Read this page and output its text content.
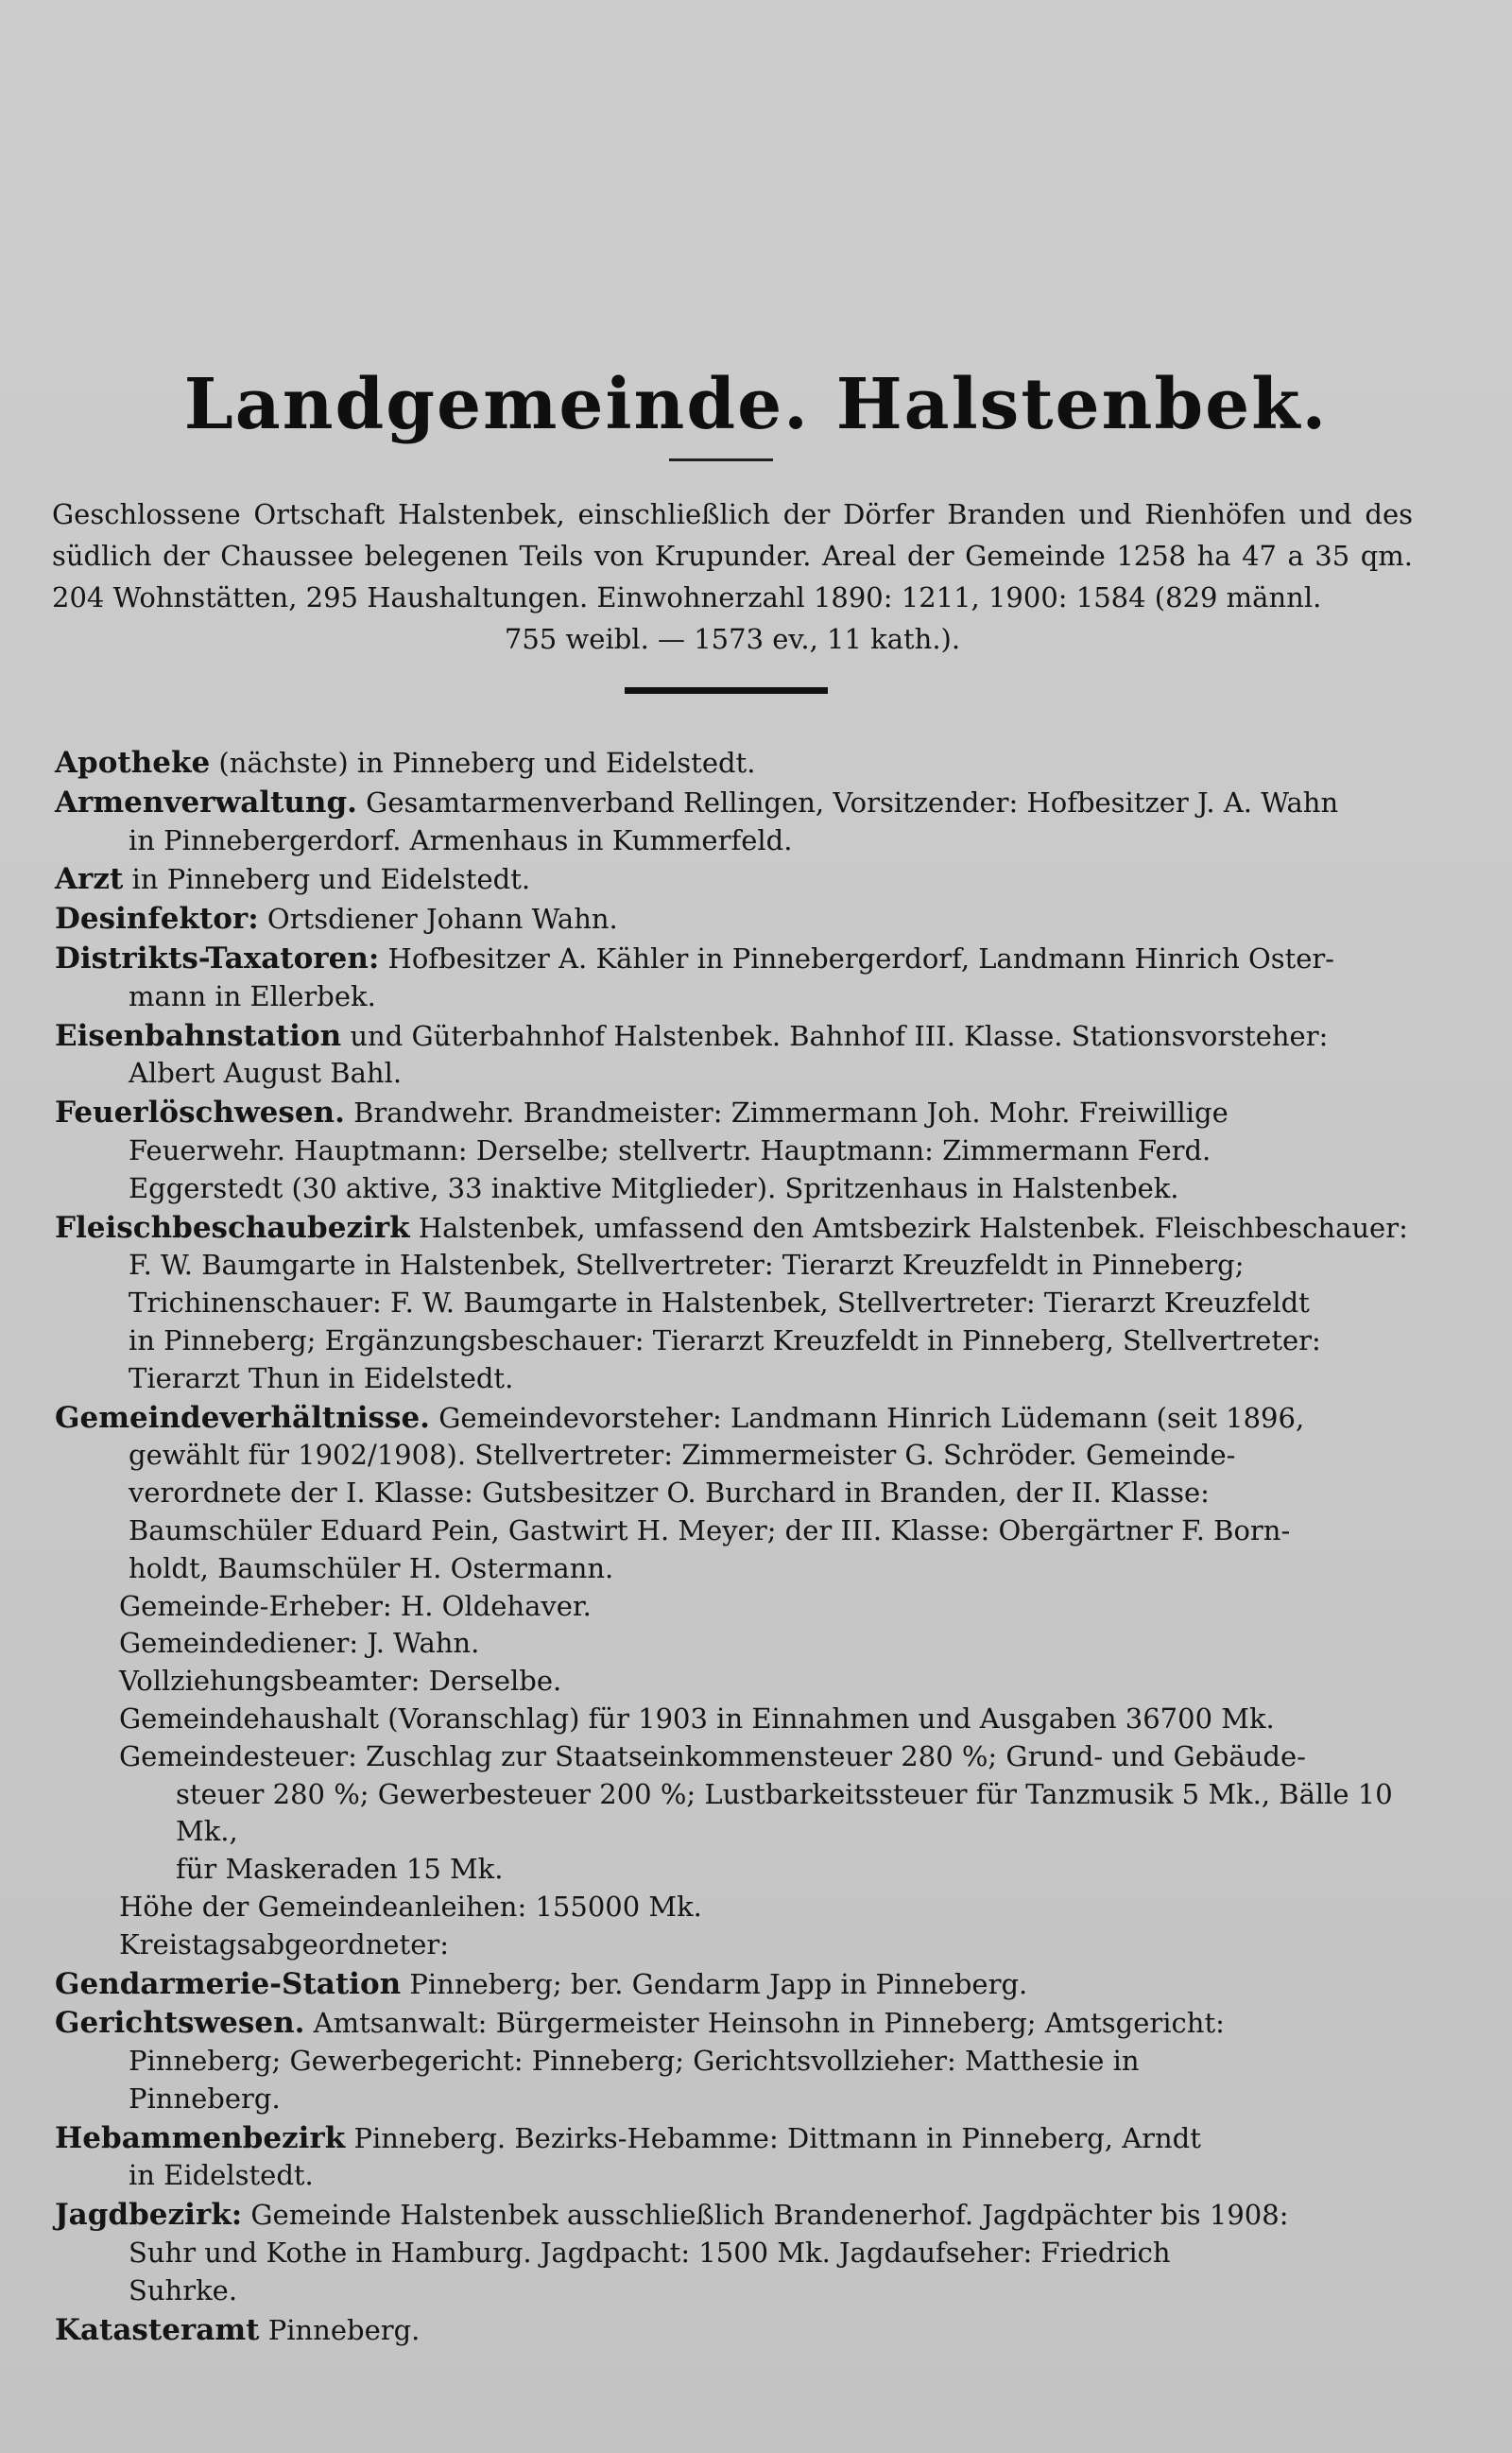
Landgemeinde. Halstenbek.
Geschlossene Ortschaft Halstenbek, einschließlich der Dörfer Branden und Rienhöfen und des südlich der Chaussee belegenen Teils von Krupunder. Areal der Gemeinde 1258 ha 47 a 35 qm. 204 Wohnstätten, 295 Haushaltungen. Einwohnerzahl 1890: 1211, 1900: 1584 (829 männl.
755 weibl. — 1573 ev., 11 kath.).
Apotheke (nächste) in Pinneberg und Eidelstedt.
Armenverwaltung. Gesamtarmenverband Rellingen, Vorsitzender: Hofbesitzer J. A. Wahn
in Pinnebergerdorf. Armenhaus in Kummerfeld.
Arzt in Pinneberg und Eidelstedt.
Desinfektor: Ortsdiener Johann Wahn.
Distrikts-Taxatoren: Hofbesitzer A. Kähler in Pinnebergerdorf, Landmann Hinrich Oster-
mann in Ellerbek.
Eisenbahnstation und Güterbahnhof Halstenbek. Bahnhof III. Klasse. Stationsvorsteher:
Albert August Bahl.
Feuerlöschwesen. Brandwehr. Brandmeister: Zimmermann Joh. Mohr. Freiwillige
Feuerwehr. Hauptmann: Derselbe; stellvertr. Hauptmann: Zimmermann Ferd.
Eggerstedt (30 aktive, 33 inaktive Mitglieder). Spritzenhaus in Halstenbek.
Fleischbeschaubezirk Halstenbek, umfassend den Amtsbezirk Halstenbek. Fleischbeschauer:
F. W. Baumgarte in Halstenbek, Stellvertreter: Tierarzt Kreuzfeldt in Pinneberg;
Trichinenschauer: F. W. Baumgarte in Halstenbek, Stellvertreter: Tierarzt Kreuzfeldt
in Pinneberg; Ergänzungsbeschauer: Tierarzt Kreuzfeldt in Pinneberg, Stellvertreter:
Tierarzt Thun in Eidelstedt.
Gemeindeverhältnisse. Gemeindevorsteher: Landmann Hinrich Lüdemann (seit 1896,
gewählt für 1902/1908). Stellvertreter: Zimmermeister G. Schröder. Gemeinde-
verordnete der I. Klasse: Gutsbesitzer O. Burchard in Branden, der II. Klasse:
Baumschüler Eduard Pein, Gastwirt H. Meyer; der III. Klasse: Obergärtner F. Born-
holdt, Baumschüler H. Ostermann.
Gemeinde-Erheber: H. Oldehaver.
Gemeindediener: J. Wahn.
Vollziehungsbeamter: Derselbe.
Gemeindehaushalt (Voranschlag) für 1903 in Einnahmen und Ausgaben 36700 Mk.
Gemeindesteuer: Zuschlag zur Staatseinkommensteuer 280 %; Grund- und Gebäude-
steuer 280 %; Gewerbesteuer 200 %; Lustbarkeitssteuer für Tanzmusik 5 Mk., Bälle 10 Mk.,
für Maskeraden 15 Mk.
Höhe der Gemeindeanleihen: 155000 Mk.
Kreistagsabgeordneter:
Gendarmerie-Station Pinneberg; ber. Gendarm Japp in Pinneberg.
Gerichtswesen. Amtsanwalt: Bürgermeister Heinsohn in Pinneberg; Amtsgericht:
Pinneberg; Gewerbegericht: Pinneberg; Gerichtsvollzieher: Matthesie in
Pinneberg.
Hebammenbezirk Pinneberg. Bezirks-Hebamme: Dittmann in Pinneberg, Arndt
in Eidelstedt.
Jagdbezirk: Gemeinde Halstenbek ausschließlich Brandenerhof. Jagdpächter bis 1908:
Suhr und Kothe in Hamburg. Jagdpacht: 1500 Mk. Jagdaufseher: Friedrich
Suhrke.
Katasteramt Pinneberg.
